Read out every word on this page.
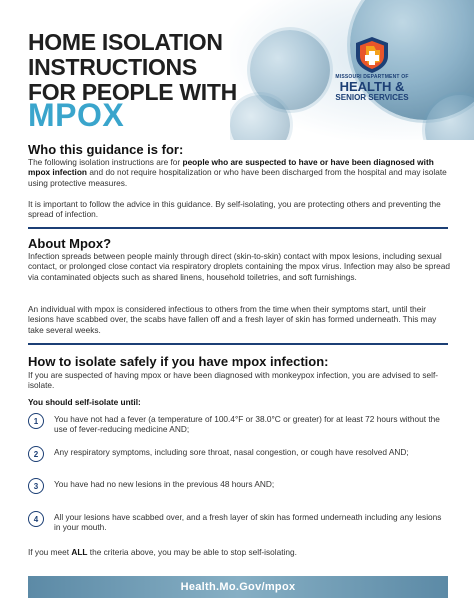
MISSOURI DEPARTMENT OF
HEALTH &
SENIOR SERVICES
HOME ISOLATION
INSTRUCTIONS
FOR PEOPLE WITH
MPOX
Who this guidance is for:
The following isolation instructions are for people who are suspected to have or have been diagnosed with mpox infection and do not require hospitalization or who have been discharged from the hospital and may isolate using protective measures.
It is important to follow the advice in this guidance. By self-isolating, you are protecting others and preventing the spread of infection.
About Mpox?
Infection spreads between people mainly through direct (skin-to-skin) contact with mpox lesions, including sexual contact, or prolonged close contact via respiratory droplets containing the mpox virus. Infection may also be spread via contaminated objects such as shared linens, household toiletries, and soft furnishings.
An individual with mpox is considered infectious to others from the time when their symptoms start, until their lesions have scabbed over, the scabs have fallen off and a fresh layer of skin has formed underneath. This may take several weeks.
How to isolate safely if you have mpox infection:
If you are suspected of having mpox or have been diagnosed with monkeypox infection, you are advised to self-isolate.
You should self-isolate until:
1	You have not had a fever (a temperature of 100.4°F or 38.0°C or greater) for at least 72 hours without the use of fever-reducing medicine AND;
2	Any respiratory symptoms, including sore throat, nasal congestion, or cough have resolved AND;
3	You have had no new lesions in the previous 48 hours AND;
4	All your lesions have scabbed over, and a fresh layer of skin has formed underneath including any lesions in your mouth.
If you meet ALL the criteria above, you may be able to stop self-isolating.
Health.Mo.Gov/mpox
